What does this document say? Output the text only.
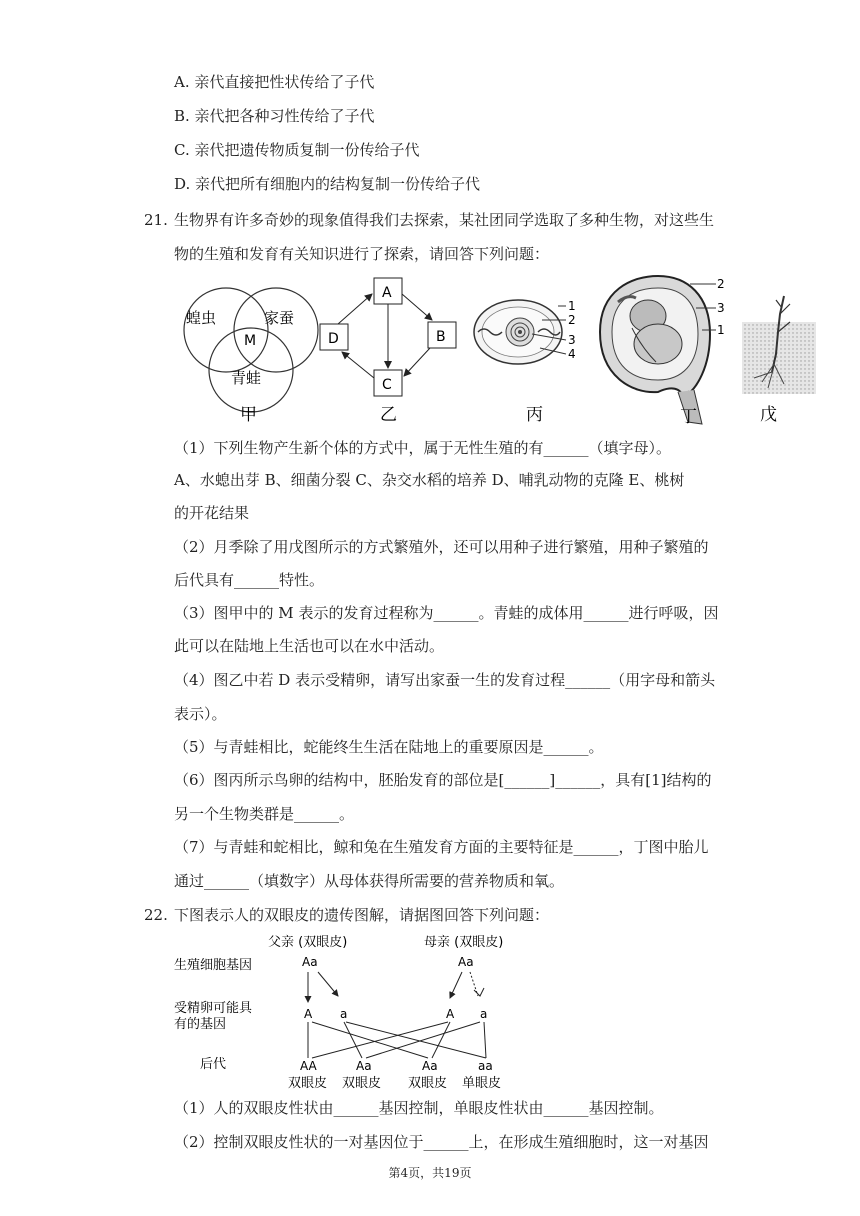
A. 亲代直接把性状传给了子代
B. 亲代把各种习性传给了子代
C. 亲代把遗传物质复制一份传给子代
D. 亲代把所有细胞内的结构复制一份传给子代
21. 生物界有许多奇妙的现象值得我们去探索，某社团同学选取了多种生物，对这些生
物的生殖和发育有关知识进行了探索，请回答下列问题：
蝗虫	家蚕
青蛙
M
甲
A
B
C
D
乙
1
2
3
4
丙
2
3
1
丁	戊
（1）下列生物产生新个体的方式中，属于无性生殖的有______（填字母）。
A、水螅出芽 B、细菌分裂 C、杂交水稻的培养 D、哺乳动物的克隆 E、桃树
的开花结果
（2）月季除了用戊图所示的方式繁殖外，还可以用种子进行繁殖，用种子繁殖的
后代具有______特性。
（3）图甲中的 M 表示的发育过程称为______。青蛙的成体用______进行呼吸，因
此可以在陆地上生活也可以在水中活动。
（4）图乙中若 D 表示受精卵，请写出家蚕一生的发育过程______（用字母和箭头
表示）。
（5）与青蛙相比，蛇能终生生活在陆地上的重要原因是______。
（6）图丙所示鸟卵的结构中，胚胎发育的部位是[______]______，具有[1]结构的
另一个生物类群是______。
（7）与青蛙和蛇相比，鲸和兔在生殖发育方面的主要特征是______，丁图中胎儿
通过______（填数字）从母体获得所需要的营养物质和氧。
22. 下图表示人的双眼皮的遗传图解，请据图回答下列问题：
父亲 (双眼皮)	母亲 (双眼皮)
生殖细胞基因
受精卵可能具
有的基因
后代
Aa	Aa
A a	A a
AA	Aa	Aa	aa
双眼皮 双眼皮 双眼皮 单眼皮
（1）人的双眼皮性状由______基因控制，单眼皮性状由______基因控制。
（2）控制双眼皮性状的一对基因位于______上，在形成生殖细胞时，这一对基因
第4页，共19页
